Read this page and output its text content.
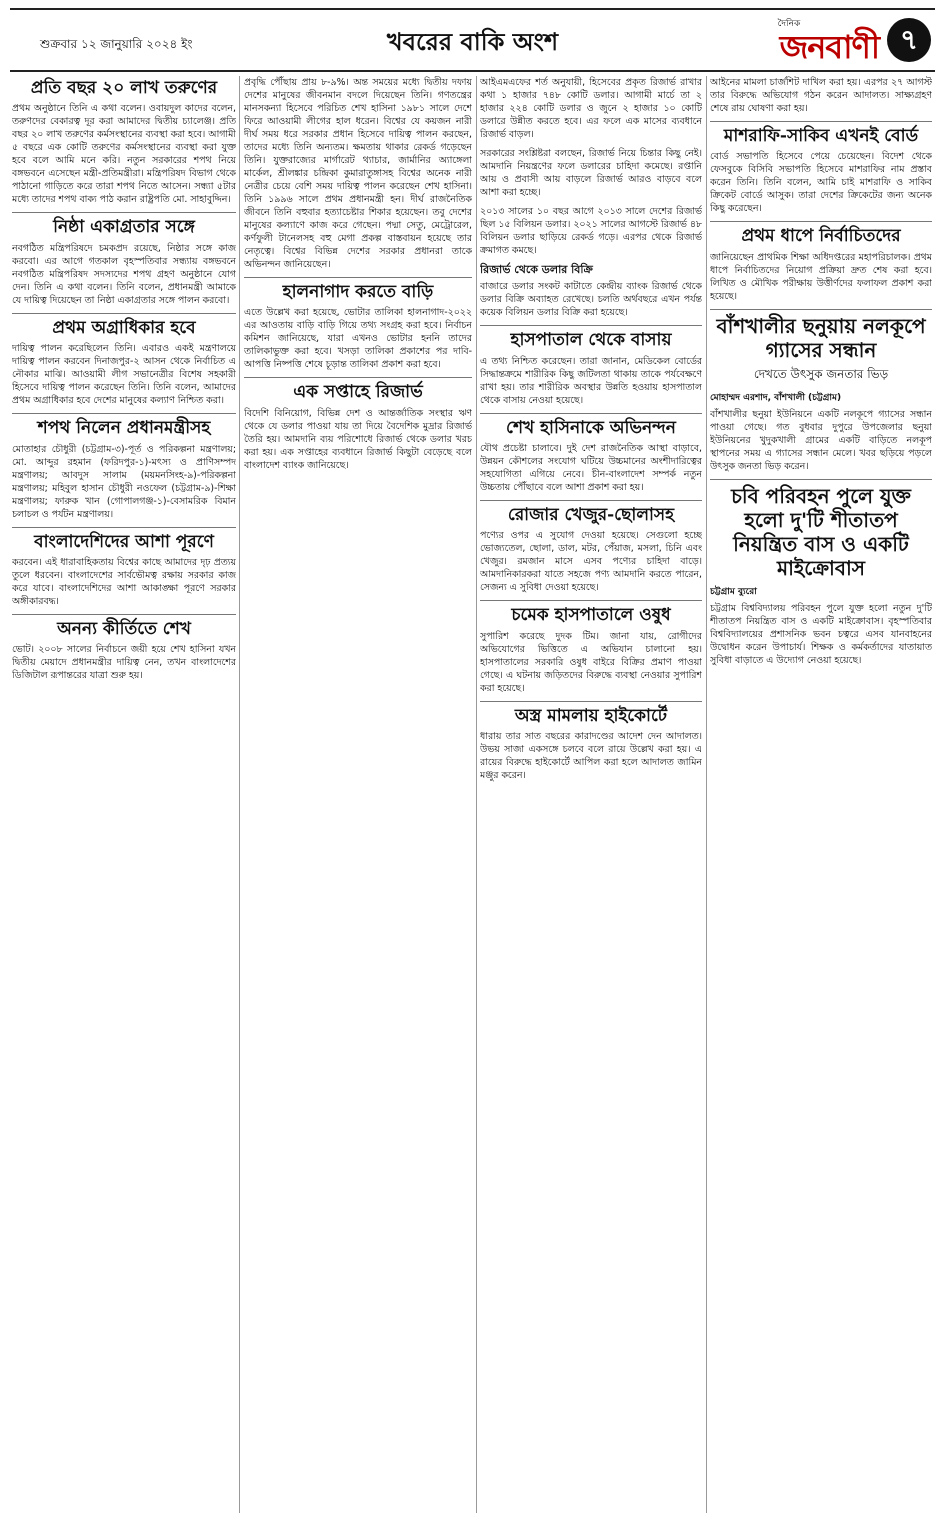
শুক্রবার ১২ জানুয়ারি ২০২৪ ইং	খবরের বাকি অংশ
দৈনিক
জনবাণী ৭
প্রতি বছর ২০ লাখ তরুণের

প্রথম অনুষ্ঠানে তিনি এ কথা বলেন। ওবায়দুল কাদের বলেন, তরুণদের বেকারত্ব দূর করা আমাদের দ্বিতীয় চ্যালেঞ্জ। প্রতি বছর ২০ লাখ তরুণের কর্মসংস্থানের ব্যবস্থা করা হবে। আগামী ৫ বছরে এক কোটি তরুণের কর্মসংস্থানের ব্যবস্থা করা যুক্ত হবে বলে আমি মনে করি। নতুন সরকারের শপথ নিয়ে বঙ্গভবনে এসেছেন মন্ত্রী-প্রতিমন্ত্রীরা। মন্ত্রিপরিষদ বিভাগ থেকে পাঠানো গাড়িতে করে তারা শপথ নিতে আসেন। সন্ধ্যা ৫টার মধ্যে তাদের শপথ বাক্য পাঠ করান রাষ্ট্রপতি মো. সাহাবুদ্দিন।

নিষ্ঠা একাগ্রতার সঙ্গে

নবগঠিত মন্ত্রিপরিষদে চমকপ্রদ রয়েছে, নিষ্ঠার সঙ্গে কাজ করবো। এর আগে গতকাল বৃহস্পতিবার সন্ধ্যায় বঙ্গভবনে নবগঠিত মন্ত্রিপরিষদ সদস্যদের শপথ গ্রহণ অনুষ্ঠানে যোগ দেন। তিনি এ কথা বলেন। তিনি বলেন, প্রধানমন্ত্রী আমাকে যে দায়িত্ব দিয়েছেন তা নিষ্ঠা একাগ্রতার সঙ্গে পালন করবো।

প্রথম অগ্রাধিকার হবে

দায়িত্ব পালন করেছিলেন তিনি। এবারও একই মন্ত্রণালয়ে দায়িত্ব পালন করবেন দিনাজপুর-২ আসন থেকে নির্বাচিত এ নৌকার মাঝি। আওয়ামী লীগ সভানেত্রীর বিশেষ সহকারী হিসেবে দায়িত্ব পালন করেছেন তিনি। তিনি বলেন, আমাদের প্রথম অগ্রাধিকার হবে দেশের মানুষের কল্যাণ নিশ্চিত করা।

শপথ নিলেন প্রধানমন্ত্রীসহ

মোতাহার চৌধুরী (চট্টগ্রাম-৩)-পূর্ত ও পরিকল্পনা মন্ত্রণালয়; মো. আব্দুর রহমান (ফরিদপুর-১)-মৎস্য ও প্রাণিসম্পদ মন্ত্রণালয়; আবদুস সালাম (ময়মনসিংহ-৯)-পরিকল্পনা মন্ত্রণালয়; মহিবুল হাসান চৌধুরী নওফেল (চট্টগ্রাম-৯)-শিক্ষা মন্ত্রণালয়; ফারুক খান (গোপালগঞ্জ-১)-বেসামরিক বিমান চলাচল ও পর্যটন মন্ত্রণালয়।

বাংলাদেশিদের আশা পূরণে

করবেন। এই ধারাবাহিকতায় বিশ্বের কাছে আমাদের দৃঢ় প্রত্যয় তুলে ধরবেন। বাংলাদেশের সার্বভৌমত্ব রক্ষায় সরকার কাজ করে যাবে। বাংলাদেশিদের আশা আকাঙ্ক্ষা পূরণে সরকার অঙ্গীকারবদ্ধ।

অনন্য কীর্তিতে শেখ

ভোট। ২০০৮ সালের নির্বাচনে জয়ী হয়ে শেখ হাসিনা যখন দ্বিতীয় মেয়াদে প্রধানমন্ত্রীর দায়িত্ব নেন, তখন বাংলাদেশের ডিজিটাল রূপান্তরের যাত্রা শুরু হয়।

প্রবৃদ্ধি পৌঁছায় প্রায় ৮-৯%। অন্ত সময়ের মধ্যে দ্বিতীয় দফায় দেশের মানুষের জীবনমান বদলে দিয়েছেন তিনি। গণতন্ত্রের মানসকন্যা হিসেবে পরিচিত শেখ হাসিনা ১৯৮১ সালে দেশে ফিরে আওয়ামী লীগের হাল ধরেন। বিশ্বের যে কয়জন নারী দীর্ঘ সময় ধরে সরকার প্রধান হিসেবে দায়িত্ব পালন করছেন, তাদের মধ্যে তিনি অন্যতম। ক্ষমতায় থাকার রেকর্ড গড়েছেন তিনি। যুক্তরাজ্যের মার্গারেট থ্যাচার, জার্মানির অ্যাঙ্গেলা মার্কেল, শ্রীলঙ্কার চন্দ্রিকা কুমারাতুঙ্গাসহ বিশ্বের অনেক নারী নেত্রীর চেয়ে বেশি সময় দায়িত্ব পালন করেছেন শেখ হাসিনা। তিনি ১৯৯৬ সালে প্রথম প্রধানমন্ত্রী হন। দীর্ঘ রাজনৈতিক জীবনে তিনি বহুবার হত্যাচেষ্টার শিকার হয়েছেন। তবু দেশের মানুষের কল্যাণে কাজ করে গেছেন। পদ্মা সেতু, মেট্রোরেল, কর্ণফুলী টানেলসহ বহু মেগা প্রকল্প বাস্তবায়ন হয়েছে তার নেতৃত্বে। বিশ্বের বিভিন্ন দেশের সরকার প্রধানরা তাকে অভিনন্দন জানিয়েছেন।

হালনাগাদ করতে বাড়ি

এতে উল্লেখ করা হয়েছে, ভোটার তালিকা হালনাগাদ-২০২২ এর আওতায় বাড়ি বাড়ি গিয়ে তথ্য সংগ্রহ করা হবে। নির্বাচন কমিশন জানিয়েছে, যারা এখনও ভোটার হননি তাদের তালিকাভুক্ত করা হবে। খসড়া তালিকা প্রকাশের পর দাবি-আপত্তি নিষ্পত্তি শেষে চূড়ান্ত তালিকা প্রকাশ করা হবে।

এক সপ্তাহে রিজার্ভ

বিদেশি বিনিয়োগ, বিভিন্ন দেশ ও আন্তর্জাতিক সংস্থার ঋণ থেকে যে ডলার পাওয়া যায় তা দিয়ে বৈদেশিক মুদ্রার রিজার্ভ তৈরি হয়। আমদানি ব্যয় পরিশোধে রিজার্ভ থেকে ডলার খরচ করা হয়। এক সপ্তাহের ব্যবধানে রিজার্ভ কিছুটা বেড়েছে বলে বাংলাদেশ ব্যাংক জানিয়েছে।

আইএমএফের শর্ত অনুযায়ী, হিসেবের প্রকৃত রিজার্ভ রাখার কথা ১ হাজার ৭৪৮ কোটি ডলার। আগামী মার্চে তা ২ হাজার ২২৪ কোটি ডলার ও জুনে ২ হাজার ১০ কোটি ডলারে উন্নীত করতে হবে। এর ফলে এক মাসের ব্যবধানে রিজার্ভ বাড়ল।

সরকারের সংশ্লিষ্টরা বলছেন, রিজার্ভ নিয়ে চিন্তার কিছু নেই। আমদানি নিয়ন্ত্রণের ফলে ডলারের চাহিদা কমেছে। রপ্তানি আয় ও প্রবাসী আয় বাড়লে রিজার্ভ আরও বাড়বে বলে আশা করা হচ্ছে।

২০১৩ সালের ১০ বছর আগে ২০১৩ সালে দেশের রিজার্ভ ছিল ১৫ বিলিয়ন ডলার। ২০২১ সালের আগস্টে রিজার্ভ ৪৮ বিলিয়ন ডলার ছাড়িয়ে রেকর্ড গড়ে। এরপর থেকে রিজার্ভ ক্রমাগত কমছে।

রিজার্ভ থেকে ডলার বিক্রি

বাজারে ডলার সংকট কাটাতে কেন্দ্রীয় ব্যাংক রিজার্ভ থেকে ডলার বিক্রি অব্যাহত রেখেছে। চলতি অর্থবছরে এখন পর্যন্ত কয়েক বিলিয়ন ডলার বিক্রি করা হয়েছে।

হাসপাতাল থেকে বাসায়

এ তথ্য নিশ্চিত করেছেন। তারা জানান, মেডিকেল বোর্ডের সিদ্ধান্তক্রমে শারীরিক কিছু জটিলতা থাকায় তাকে পর্যবেক্ষণে রাখা হয়। তার শারীরিক অবস্থার উন্নতি হওয়ায় হাসপাতাল থেকে বাসায় নেওয়া হয়েছে।

শেখ হাসিনাকে অভিনন্দন

যৌথ প্রচেষ্টা চালাবে। দুই দেশ রাজনৈতিক আস্থা বাড়াবে, উন্নয়ন কৌশলের সংযোগ ঘটিয়ে উচ্চমানের অংশীদারিত্বের সহযোগিতা এগিয়ে নেবে। চীন-বাংলাদেশ সম্পর্ক নতুন উচ্চতায় পৌঁছাবে বলে আশা প্রকাশ করা হয়।

রোজার খেজুর-ছোলাসহ

পণ্যের ওপর এ সুযোগ দেওয়া হয়েছে। সেগুলো হচ্ছে ভোজ্যতেল, ছোলা, ডাল, মটর, পেঁয়াজ, মসলা, চিনি এবং খেজুর। রমজান মাসে এসব পণ্যের চাহিদা বাড়ে। আমদানিকারকরা যাতে সহজে পণ্য আমদানি করতে পারেন, সেজন্য এ সুবিধা দেওয়া হয়েছে।

চমেক হাসপাতালে ওষুধ

সুপারিশ করেছে দুদক টিম। জানা যায়, রোগীদের অভিযোগের ভিত্তিতে এ অভিযান চালানো হয়। হাসপাতালের সরকারি ওষুধ বাইরে বিক্রির প্রমাণ পাওয়া গেছে। এ ঘটনায় জড়িতদের বিরুদ্ধে ব্যবস্থা নেওয়ার সুপারিশ করা হয়েছে।

অস্ত্র মামলায় হাইকোর্টে

ধারায় তার সাত বছরের কারাদণ্ডের আদেশ দেন আদালত। উভয় সাজা একসঙ্গে চলবে বলে রায়ে উল্লেখ করা হয়। এ রায়ের বিরুদ্ধে হাইকোর্টে আপিল করা হলে আদালত জামিন মঞ্জুর করেন।

আইনের মামলা চার্জশিট দাখিল করা হয়। এরপর ২৭ আগস্ট তার বিরুদ্ধে অভিযোগ গঠন করেন আদালত। সাক্ষ্যগ্রহণ শেষে রায় ঘোষণা করা হয়।

মাশরাফি-সাকিব এখনই বোর্ড

বোর্ড সভাপতি হিসেবে পেয়ে চেয়েছেন। বিদেশ থেকে ফেসবুকে বিসিবি সভাপতি হিসেবে মাশরাফির নাম প্রস্তাব করেন তিনি। তিনি বলেন, আমি চাই মাশরাফি ও সাকিব ক্রিকেট বোর্ডে আসুক। তারা দেশের ক্রিকেটের জন্য অনেক কিছু করেছেন।

প্রথম ধাপে নির্বাচিতদের

জানিয়েছেন প্রাথমিক শিক্ষা অধিদপ্তরের মহাপরিচালক। প্রথম ধাপে নির্বাচিতদের নিয়োগ প্রক্রিয়া দ্রুত শেষ করা হবে। লিখিত ও মৌখিক পরীক্ষায় উত্তীর্ণদের ফলাফল প্রকাশ করা হয়েছে।

বাঁশখালীর ছনুয়ায় নলকূপে গ্যাসের সন্ধান
দেখতে উৎসুক জনতার ভিড়
মোহাম্মদ এরশাদ, বাঁশখালী (চট্টগ্রাম)

বাঁশখালীর ছনুয়া ইউনিয়নে একটি নলকূপে গ্যাসের সন্ধান পাওয়া গেছে। গত বুধবার দুপুরে উপজেলার ছনুয়া ইউনিয়নের খুদুকখালী গ্রামের একটি বাড়িতে নলকূপ স্থাপনের সময় এ গ্যাসের সন্ধান মেলে। খবর ছড়িয়ে পড়লে উৎসুক জনতা ভিড় করেন।

চবি পরিবহন পুলে যুক্ত হলো দু'টি শীতাতপ নিয়ন্ত্রিত বাস ও একটি মাইক্রোবাস
চট্টগ্রাম ব্যুরো

চট্টগ্রাম বিশ্ববিদ্যালয় পরিবহন পুলে যুক্ত হলো নতুন দু'টি শীতাতপ নিয়ন্ত্রিত বাস ও একটি মাইক্রোবাস। বৃহস্পতিবার বিশ্ববিদ্যালয়ের প্রশাসনিক ভবন চত্বরে এসব যানবাহনের উদ্বোধন করেন উপাচার্য। শিক্ষক ও কর্মকর্তাদের যাতায়াত সুবিধা বাড়াতে এ উদ্যোগ নেওয়া হয়েছে।
